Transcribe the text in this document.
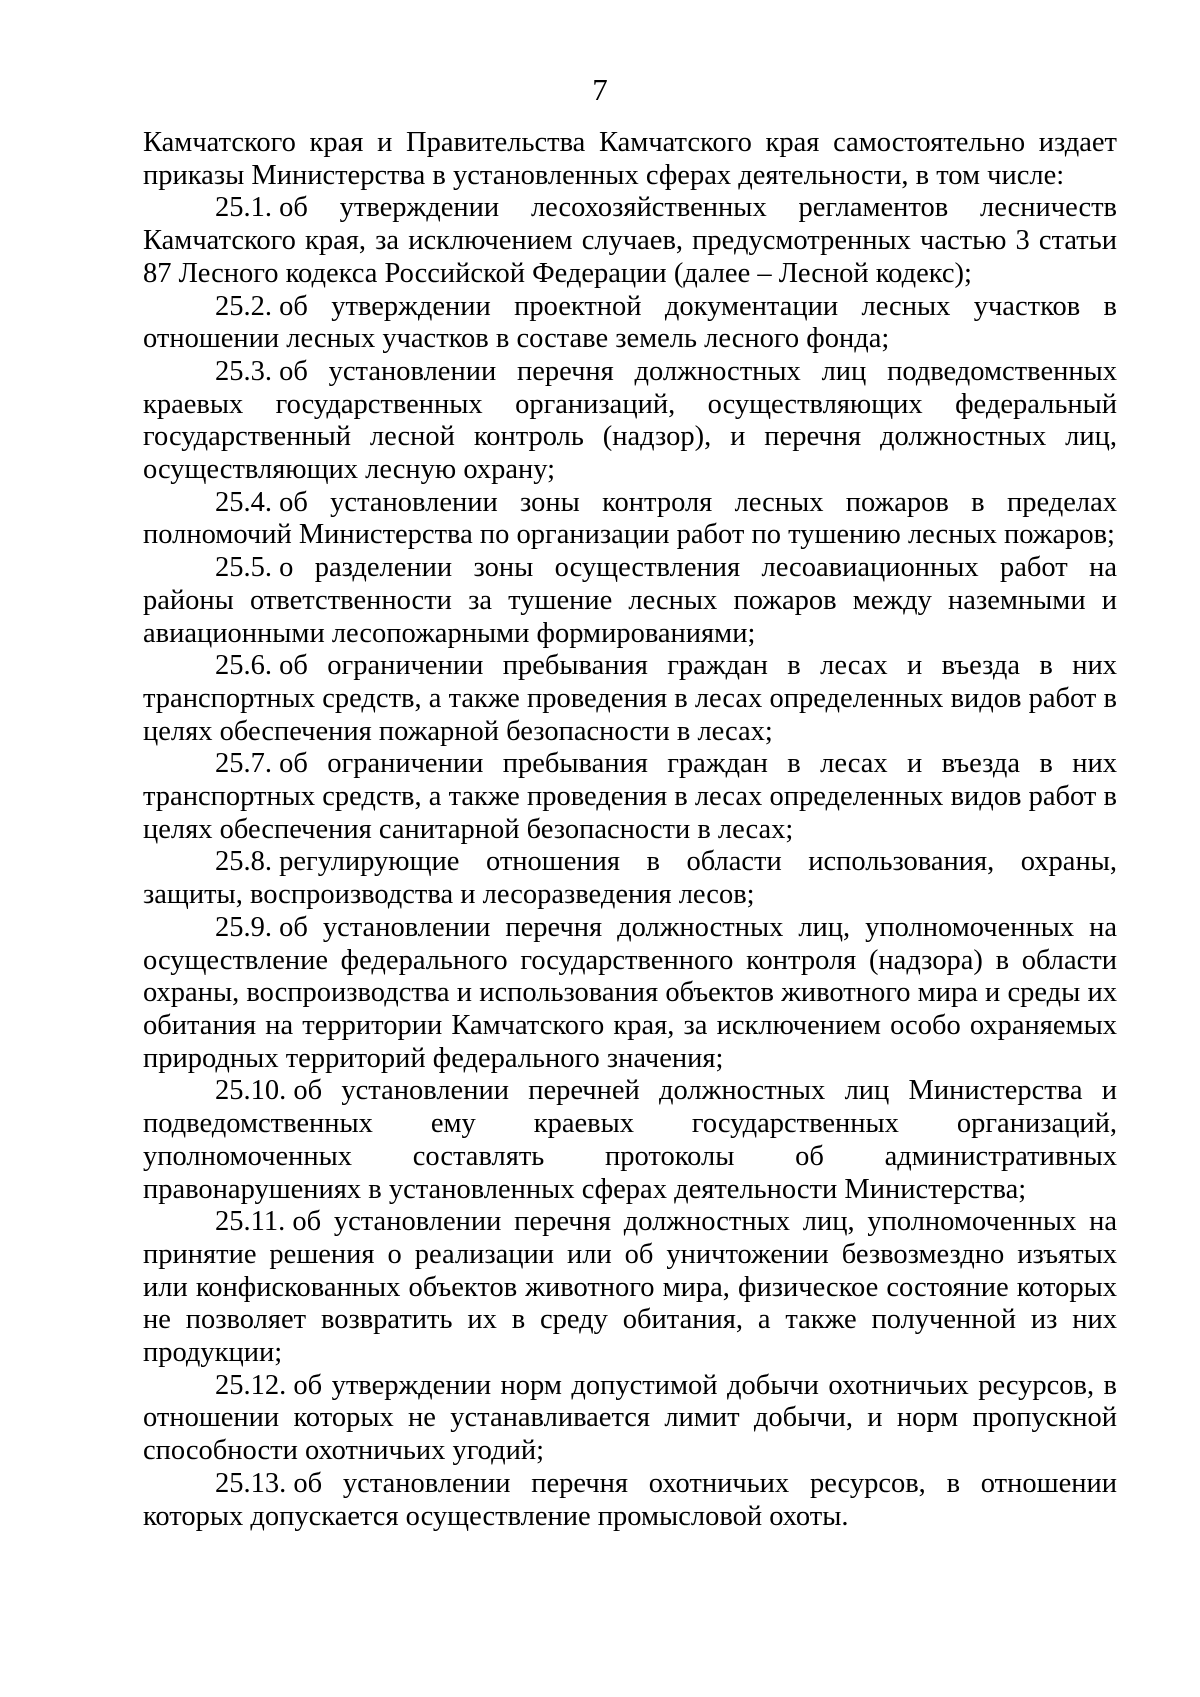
7

Камчатского края и Правительства Камчатского края самостоятельно издает приказы Министерства в установленных сферах деятельности, в том числе:

25.1. об утверждении лесохозяйственных регламентов лесничеств Камчатского края, за исключением случаев, предусмотренных частью 3 статьи 87 Лесного кодекса Российской Федерации (далее – Лесной кодекс);

25.2. об утверждении проектной документации лесных участков в отношении лесных участков в составе земель лесного фонда;

25.3. об установлении перечня должностных лиц подведомственных краевых государственных организаций, осуществляющих федеральный государственный лесной контроль (надзор), и перечня должностных лиц, осуществляющих лесную охрану;

25.4. об установлении зоны контроля лесных пожаров в пределах полномочий Министерства по организации работ по тушению лесных пожаров;

25.5. о разделении зоны осуществления лесоавиационных работ на районы ответственности за тушение лесных пожаров между наземными и авиационными лесопожарными формированиями;

25.6. об ограничении пребывания граждан в лесах и въезда в них транспортных средств, а также проведения в лесах определенных видов работ в целях обеспечения пожарной безопасности в лесах;

25.7. об ограничении пребывания граждан в лесах и въезда в них транспортных средств, а также проведения в лесах определенных видов работ в целях обеспечения санитарной безопасности в лесах;

25.8. регулирующие отношения в области использования, охраны, защиты, воспроизводства и лесоразведения лесов;

25.9. об установлении перечня должностных лиц, уполномоченных на осуществление федерального государственного контроля (надзора) в области охраны, воспроизводства и использования объектов животного мира и среды их обитания на территории Камчатского края, за исключением особо охраняемых природных территорий федерального значения;

25.10. об установлении перечней должностных лиц Министерства и подведомственных ему краевых государственных организаций, уполномоченных составлять протоколы об административных правонарушениях в установленных сферах деятельности Министерства;

25.11. об установлении перечня должностных лиц, уполномоченных на принятие решения о реализации или об уничтожении безвозмездно изъятых или конфискованных объектов животного мира, физическое состояние которых не позволяет возвратить их в среду обитания, а также полученной из них продукции;

25.12. об утверждении норм допустимой добычи охотничьих ресурсов, в отношении которых не устанавливается лимит добычи, и норм пропускной способности охотничьих угодий;

25.13. об установлении перечня охотничьих ресурсов, в отношении которых допускается осуществление промысловой охоты.
